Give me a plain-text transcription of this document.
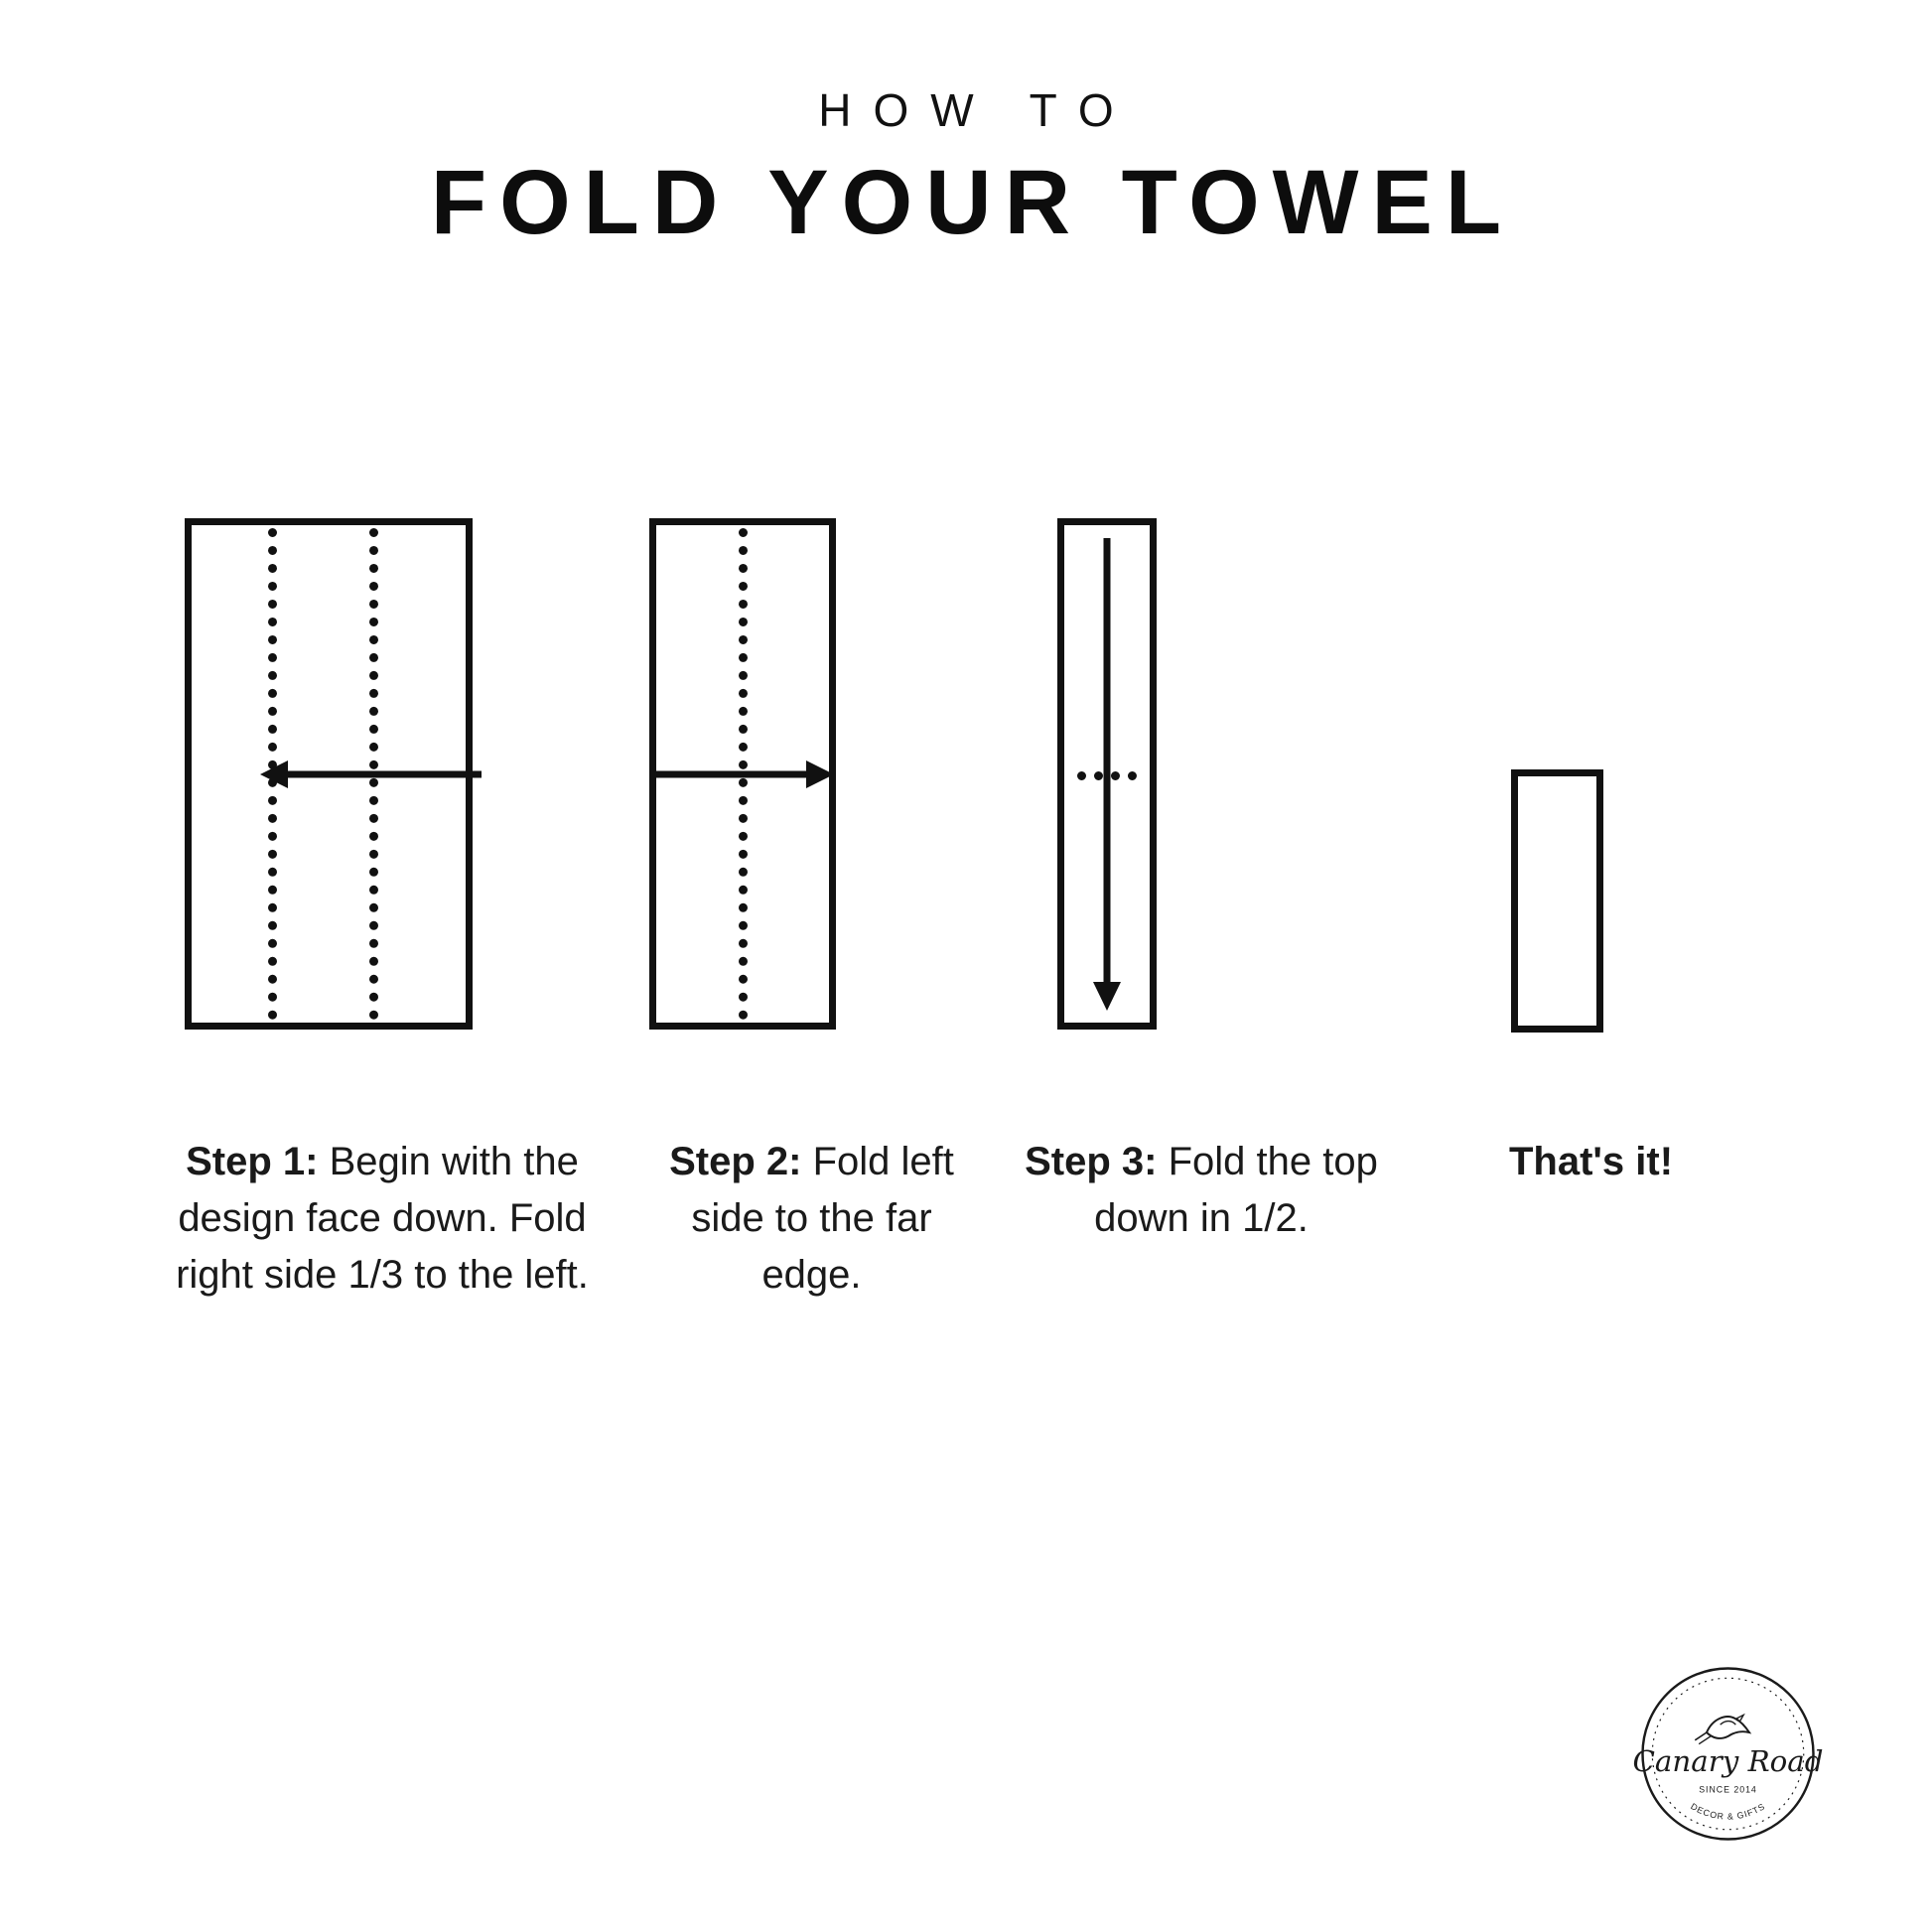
HOW TO

FOLD YOUR TOWEL
Step 1: Begin with the design face down. Fold right side 1/3 to the left.
Step 2: Fold left side to the far edge.
Step 3: Fold the top down in 1/2.
That's it!
Canary Road
SINCE 2014
DECOR & GIFTS
